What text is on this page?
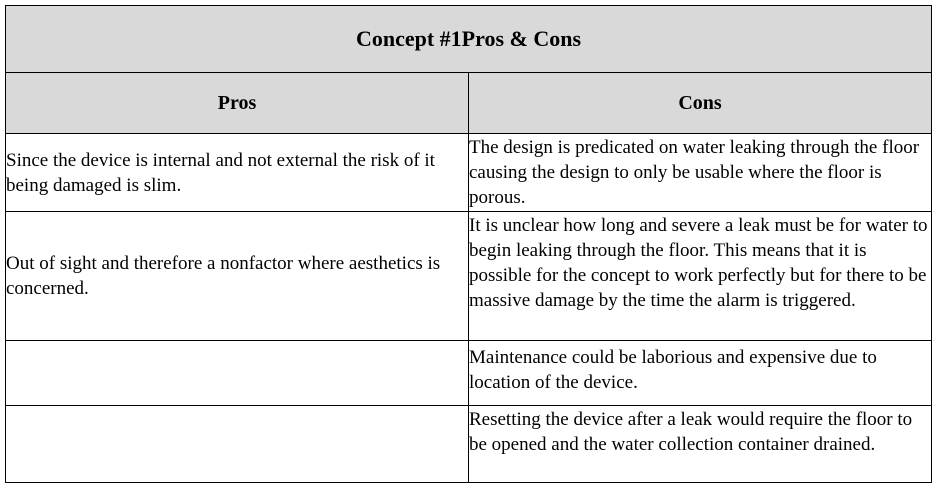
Concept #1Pros & Cons	
Pros	Cons
Since the device is internal and not external the risk of it being damaged is slim.	The design is predicated on water leaking through the floor causing the design to only be usable where the floor is porous.
Out of sight and therefore a nonfactor where aesthetics is concerned.	It is unclear how long and severe a leak must be for water to begin leaking through the floor. This means that it is possible for the concept to work perfectly but for there to be massive damage by the time the alarm is triggered.
	Maintenance could be laborious and expensive due to location of the device.
	Resetting the device after a leak would require the floor to be opened and the water collection container drained.
